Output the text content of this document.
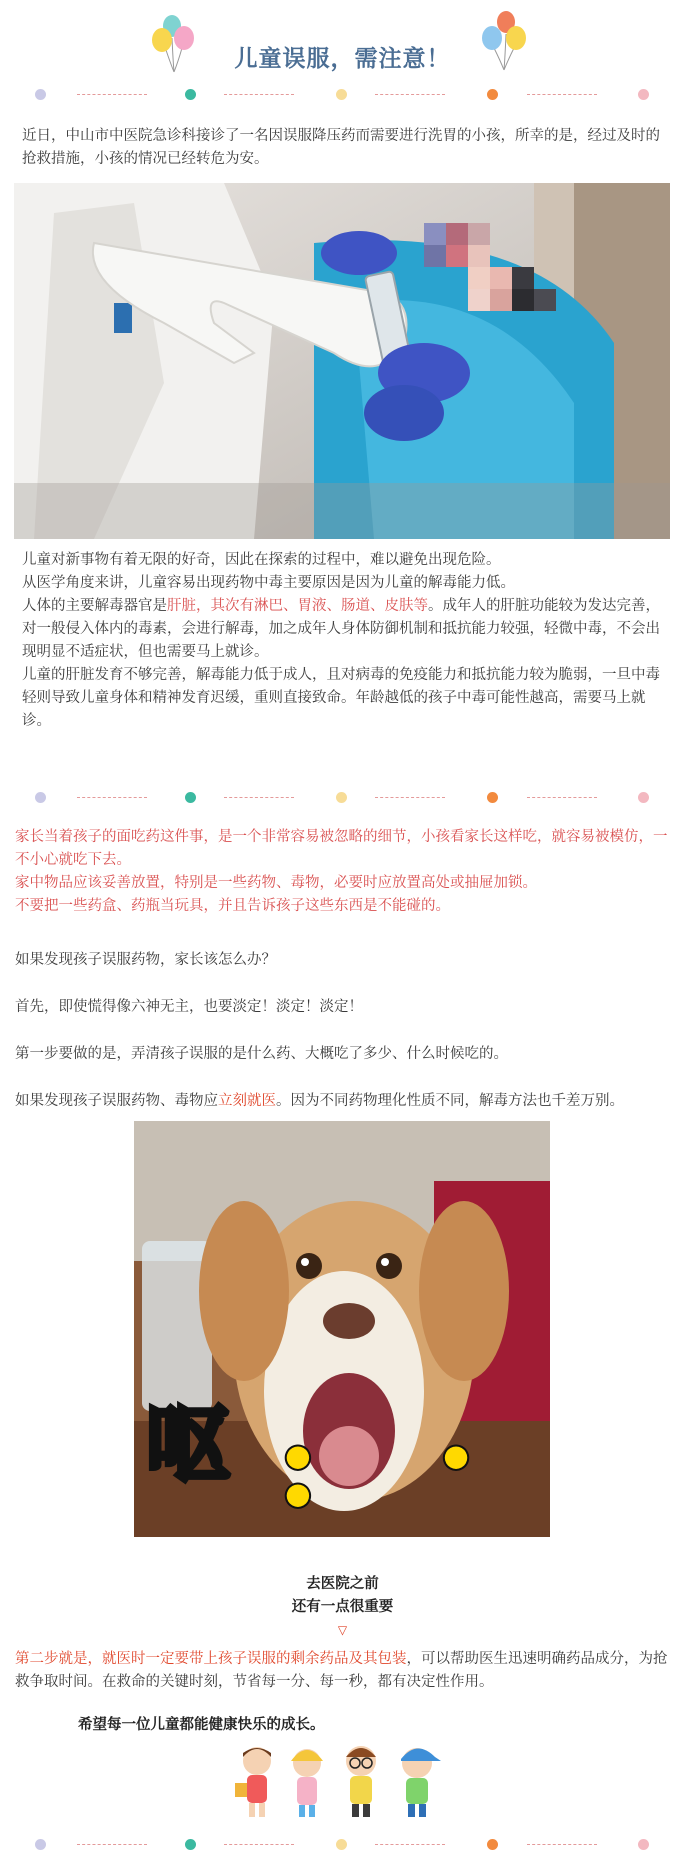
儿童误服，需注意！
近日，中山市中医院急诊科接诊了一名因误服降压药而需要进行洗胃的小孩，所幸的是，经过及时的抢救措施，小孩的情况已经转危为安。
儿童对新事物有着无限的好奇，因此在探索的过程中，难以避免出现危险。
从医学角度来讲，儿童容易出现药物中毒主要原因是因为儿童的解毒能力低。
人体的主要解毒器官是肝脏，其次有淋巴、胃液、肠道、皮肤等。成年人的肝脏功能较为发达完善，对一般侵入体内的毒素，会进行解毒，加之成年人身体防御机制和抵抗能力较强，轻微中毒，不会出现明显不适症状，但也需要马上就诊。
儿童的肝脏发育不够完善，解毒能力低于成人，且对病毒的免疫能力和抵抗能力较为脆弱，一旦中毒轻则导致儿童身体和精神发育迟缓，重则直接致命。年龄越低的孩子中毒可能性越高，需要马上就诊。
家长当着孩子的面吃药这件事，是一个非常容易被忽略的细节，小孩看家长这样吃，就容易被模仿，一不小心就吃下去。
家中物品应该妥善放置，特别是一些药物、毒物，必要时应放置高处或抽屉加锁。
不要把一些药盒、药瓶当玩具，并且告诉孩子这些东西是不能碰的。
如果发现孩子误服药物，家长该怎么办？
首先，即使慌得像六神无主，也要淡定！淡定！淡定！
第一步要做的是，弄清孩子误服的是什么药、大概吃了多少、什么时候吃的。
如果发现孩子误服药物、毒物应立刻就医。因为不同药物理化性质不同，解毒方法也千差万别。
呕 ● ● ●
去医院之前
还有一点很重要
▽
第二步就是，就医时一定要带上孩子误服的剩余药品及其包装，可以帮助医生迅速明确药品成分，为抢救争取时间。在救命的关键时刻，节省每一分、每一秒，都有决定性作用。
希望每一位儿童都能健康快乐的成长。
